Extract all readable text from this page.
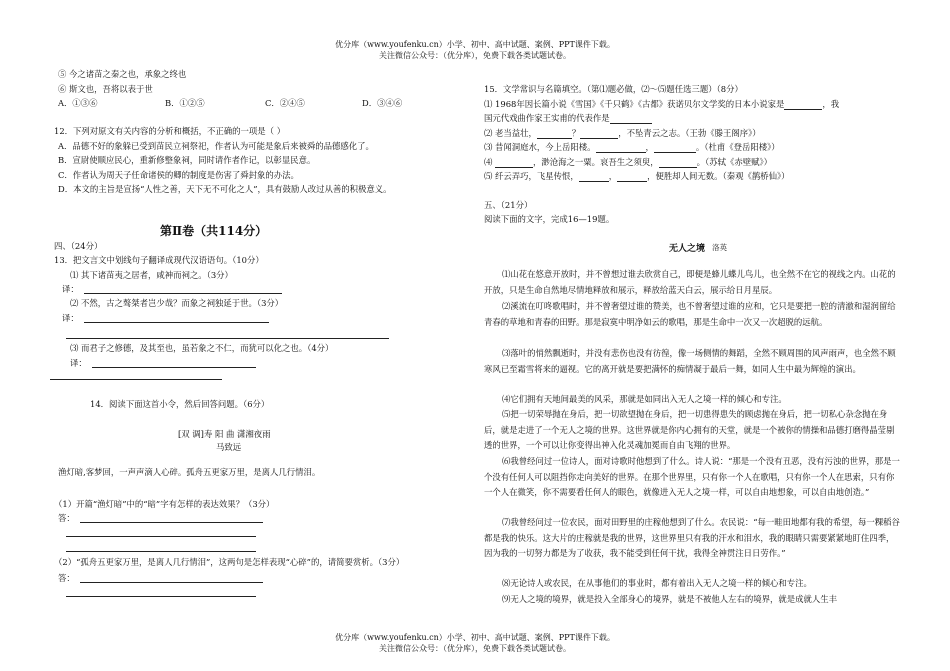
优分库（www.youfenku.cn）小学、初中、高中试题、案例、PPT课件下载。
关注微信公众号：（优分库），免费下载各类试题试卷。
⑤ 今之诸苗之秦之也，承象之终也
⑥ 斯文也，吾将以表于世
A．①③⑥	B．①②⑤	C．②④⑤	D．③④⑥
12．下列对原文有关内容的分析和概括，不正确的一项是（ ）
A．品德不好的象躲已受到苗民立祠祭祀，作者认为可能是象后来被舜的品德感化了。
B．宣尉使顺应民心，重新修整象祠，同时请作者作记，以彰显民意。
C．作者认为周天子任命诸侯的卿的制度是伤害了舜封象的办法。
D．本文的主旨是宣扬“人性之善，天下无不可化之人”，具有鼓励人改过从善的积极意义。
第Ⅱ卷（共114分）
四、（24分）
13．把文言文中划线句子翻译成现代汉语语句。（10分）
⑴ 其下诸苗夷之居者，咸神而祠之。（3分）
译：
⑵ 不然，古之骜桀者岂少哉？而象之祠独延于世。（3分）
译：
⑶ 而君子之修德，及其至也，虽若象之不仁，而犹可以化之也。（4分）
译：
14．阅读下面这首小令，然后回答问题。（6分）
[双 调]寿 阳 曲 潇湘夜雨
马致远
渔灯暗,客梦回，一声声滴人心碎。孤舟五更家万里，是离人几行情泪。
（1）开篇“渔灯暗”中的“暗”字有怎样的表达效果？（3分）
答：
（2）“孤舟五更家万里，是离人几行情泪”，这两句是怎样表现“心碎”的，请简要赏析。（3分）
答：
15．文学常识与名篇填空。（第⑴题必做，⑵～⑸题任选三题）（8分）
⑴ 1968年因长篇小说《雪国》《千只鹤》《古都》获诺贝尔文学奖的日本小说家是	，我
国元代戏曲作家王实甫的代表作是
⑵ 老当益壮，	？	，不坠青云之志。（王勃《滕王阁序》）
⑶ 昔闻洞庭水，今上岳阳楼。	，	。（杜甫《登岳阳楼》）
⑷	，渺沧海之一粟。哀吾生之须臾，	。（苏轼《赤壁赋》）
⑸ 纤云弄巧，飞星传恨，	，	，便胜却人间无数。（秦观《鹊桥仙》）
五、（21分）
阅读下面的文字，完成16—19题。
无人之境 洛英
⑴山花在悠意开放时，并不曾想过谁去欣赏自己，即便是蜂儿蝶儿鸟儿，也全然不在它的视线之内。山花的开放，只是生命自然地尽情地释放和展示，释放给蓝天白云，展示给日月星辰。
⑵溪流在叮咚歌唱时，并不曾奢望过谁的赞美，也不曾奢望过谁的应和，它只是要把一腔的清澈和湿润留给青春的草地和青春的田野。那是寂寞中明净如云的歌唱，那是生命中一次又一次超脱的远航。
⑶落叶的悄然飘逝时，并没有悲伤也没有彷徨，像一场侧情的舞蹈，全然不顾周围的风声雨声，也全然不顾寒风已至霜雪将来的逼视。它的离开就是要把满怀的痴情凝于最后一舞，如同人生中最为辉煌的演出。
⑷它们拥有天地间最美的风采，那就是如同出入无人之境一样的倾心和专注。
⑸把一切荣辱抛在身后，把一切欲望抛在身后，把一切患得患失的顾虑抛在身后，把一切私心杂念抛在身后，就是走进了一个无人之境的世界。这世界就是你内心拥有的天堂，就是一个被你的情操和品德打磨得晶莹剔透的世界，一个可以让你变得出神入化灵魂加冕而自由飞翔的世界。
⑹我曾经问过一位诗人，面对诗歌时他想到了什么。诗人说：“那是一个没有丑恶，没有污浊的世界，那是一个没有任何人可以阻挡你走向美好的世界。在那个世界里，只有你一个人在歌唱，只有你一个人在思索，只有你一个人在微笑，你不需要看任何人的眼色，就像进入无人之境一样，可以自由地想象，可以自由地创造。”
⑺我曾经问过一位农民，面对田野里的庄稼他想到了什么。农民说：“每一畦田地都有我的希望，每一粿稻谷都是我的快乐。这大片的庄稼就是我的世界，这世界里只有我的汗水和泪水，我的眼睛只需要紧紧地盯住四季，因为我的一切努力都是为了收获，我不能受到任何干扰，我得全神贯注日日劳作。”
⑻无论诗人或农民，在从事他们的事业时，都有着出入无人之境一样的倾心和专注。
⑼无人之境的境界，就是投入全部身心的境界，就是不被他人左右的境界，就是成就人生丰
优分库（www.youfenku.cn）小学、初中、高中试题、案例、PPT课件下载。
关注微信公众号：（优分库），免费下载各类试题试卷。
